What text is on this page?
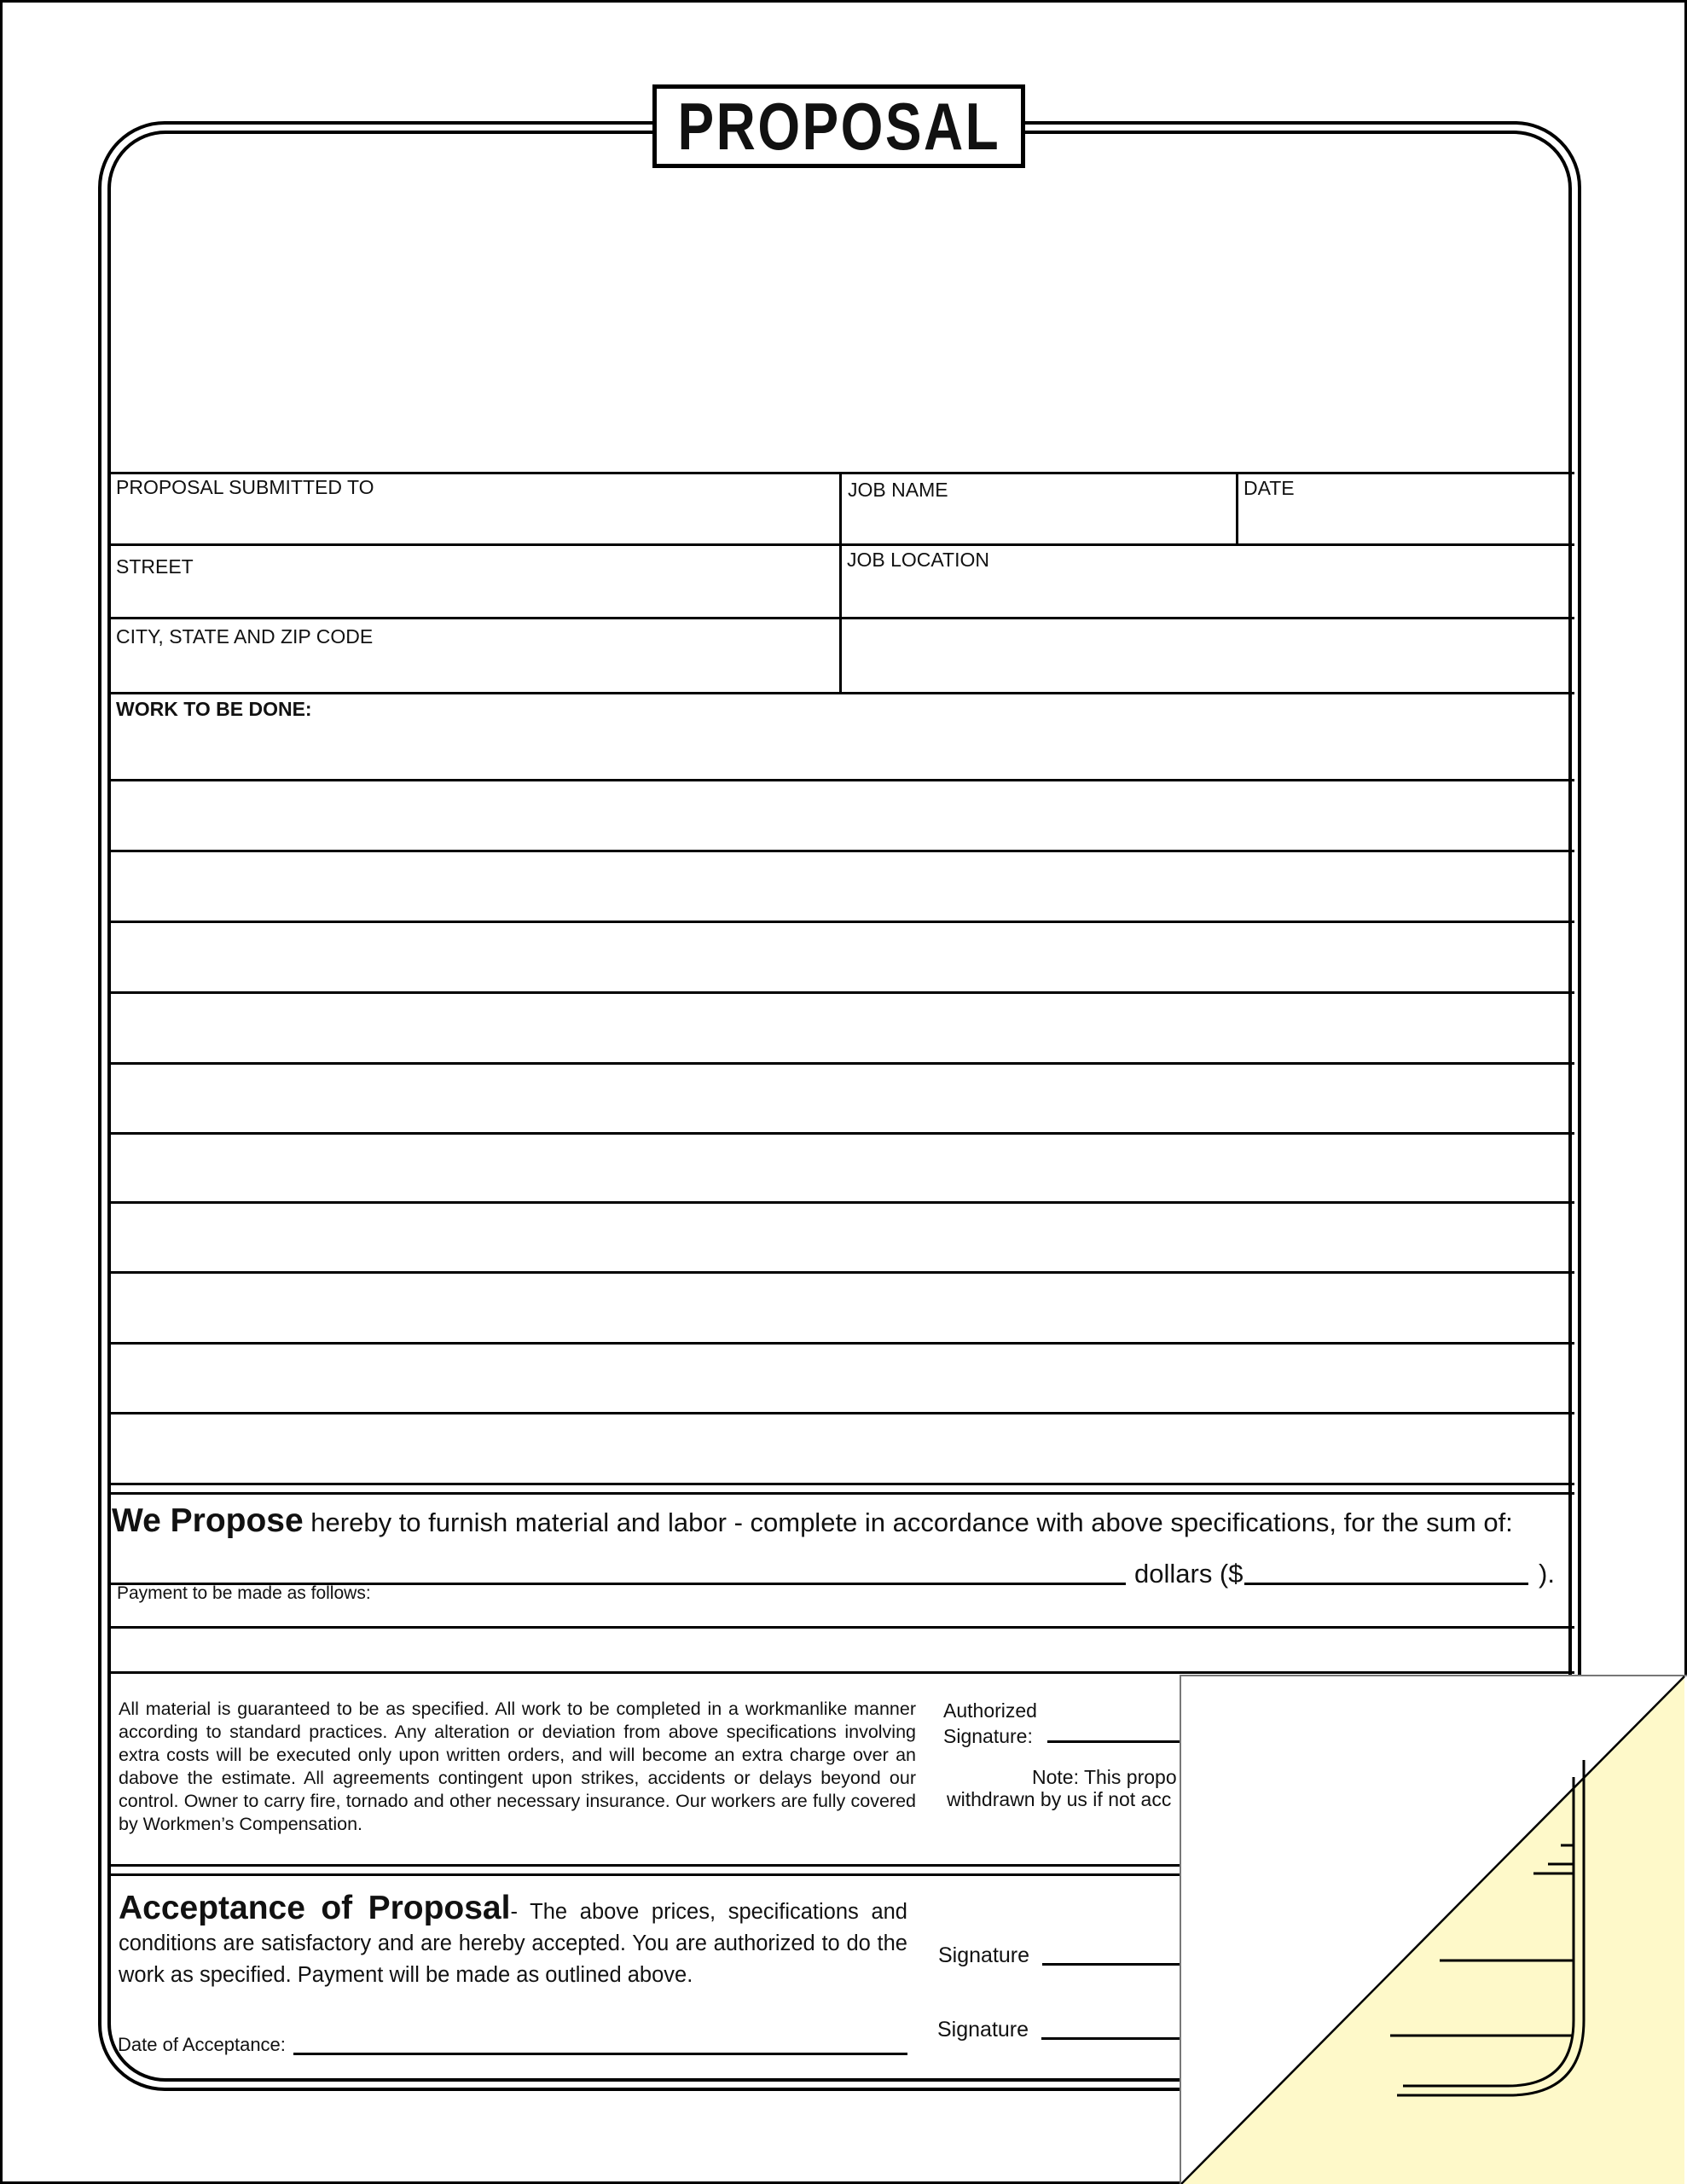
PROPOSAL
PROPOSAL SUBMITTED TO	JOB NAME	DATE
STREET	JOB LOCATION
CITY, STATE AND ZIP CODE
WORK TO BE DONE:
We Propose hereby to furnish material and labor - complete in accordance with above specifications, for the sum of:
dollars ($	).
Payment to be made as follows:
All material is guaranteed to be as specified. All work to be completed in a workmanlike manner according to standard practices. Any alteration or deviation from above specifications involving extra costs will be executed only upon written orders, and will become an extra charge over an dabove the estimate. All agreements contingent upon strikes, accidents or delays beyond our control. Owner to carry fire, tornado and other necessary insurance. Our workers are fully covered by Workmen’s Compensation.
Authorized
Signature:
Note: This propo
withdrawn by us if not acc
Acceptance of Proposal- The above prices, specifications and conditions are satisfactory and are hereby accepted. You are authorized to do the work as specified. Payment will be made as outlined above.
Signature
Signature
Date of Acceptance:
